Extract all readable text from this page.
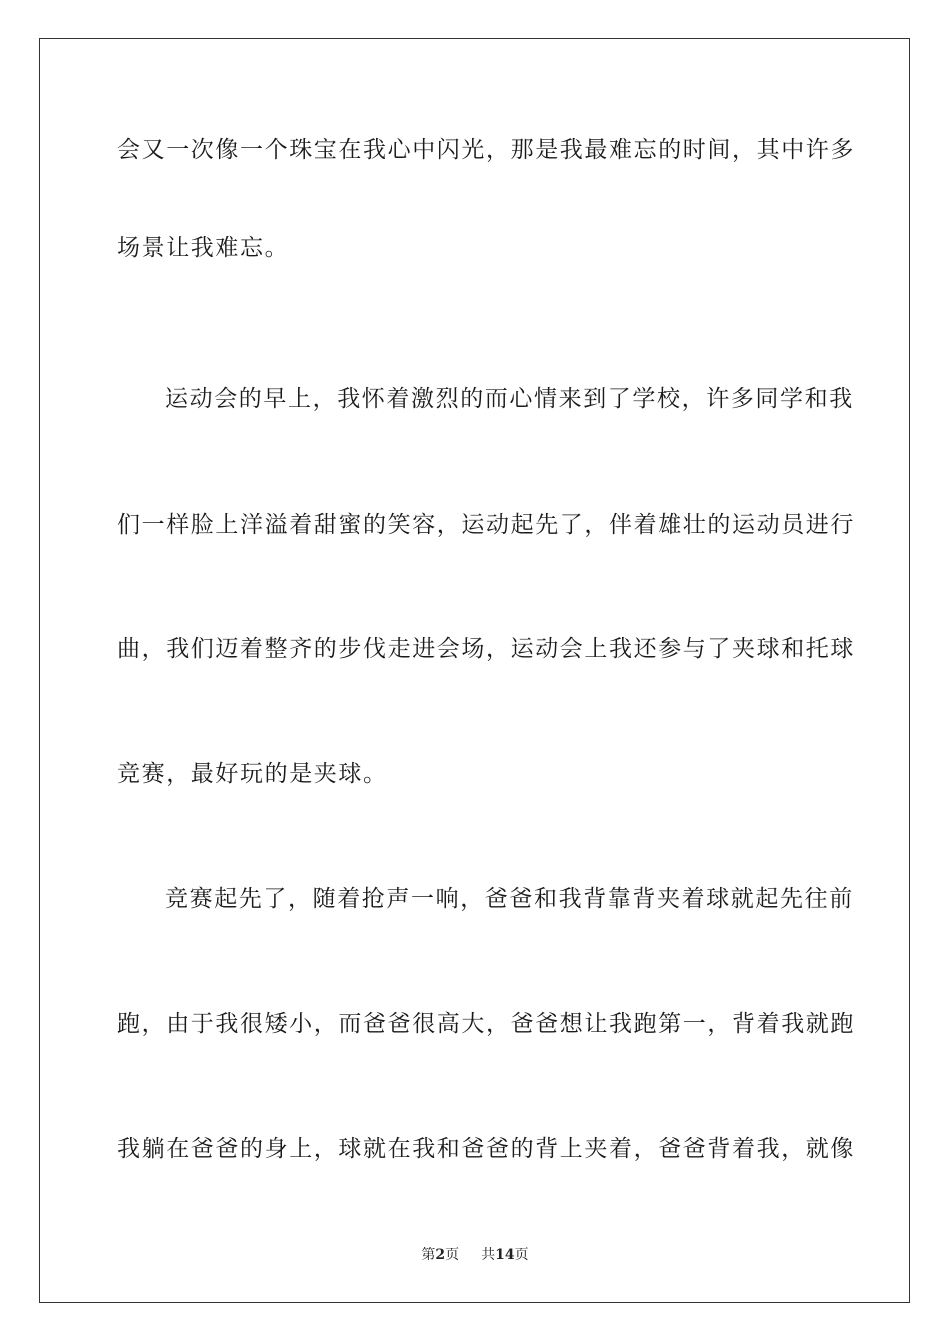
会又一次像一个珠宝在我心中闪光，那是我最难忘的时间，其中许多
场景让我难忘。
运动会的早上，我怀着激烈的而心情来到了学校，许多同学和我
们一样脸上洋溢着甜蜜的笑容，运动起先了，伴着雄壮的运动员进行
曲，我们迈着整齐的步伐走进会场，运动会上我还参与了夹球和托球
竞赛，最好玩的是夹球。
竞赛起先了，随着抢声一响，爸爸和我背靠背夹着球就起先往前
跑，由于我很矮小，而爸爸很高大，爸爸想让我跑第一，背着我就跑
我躺在爸爸的身上，球就在我和爸爸的背上夹着，爸爸背着我，就像
第2页 共14页
